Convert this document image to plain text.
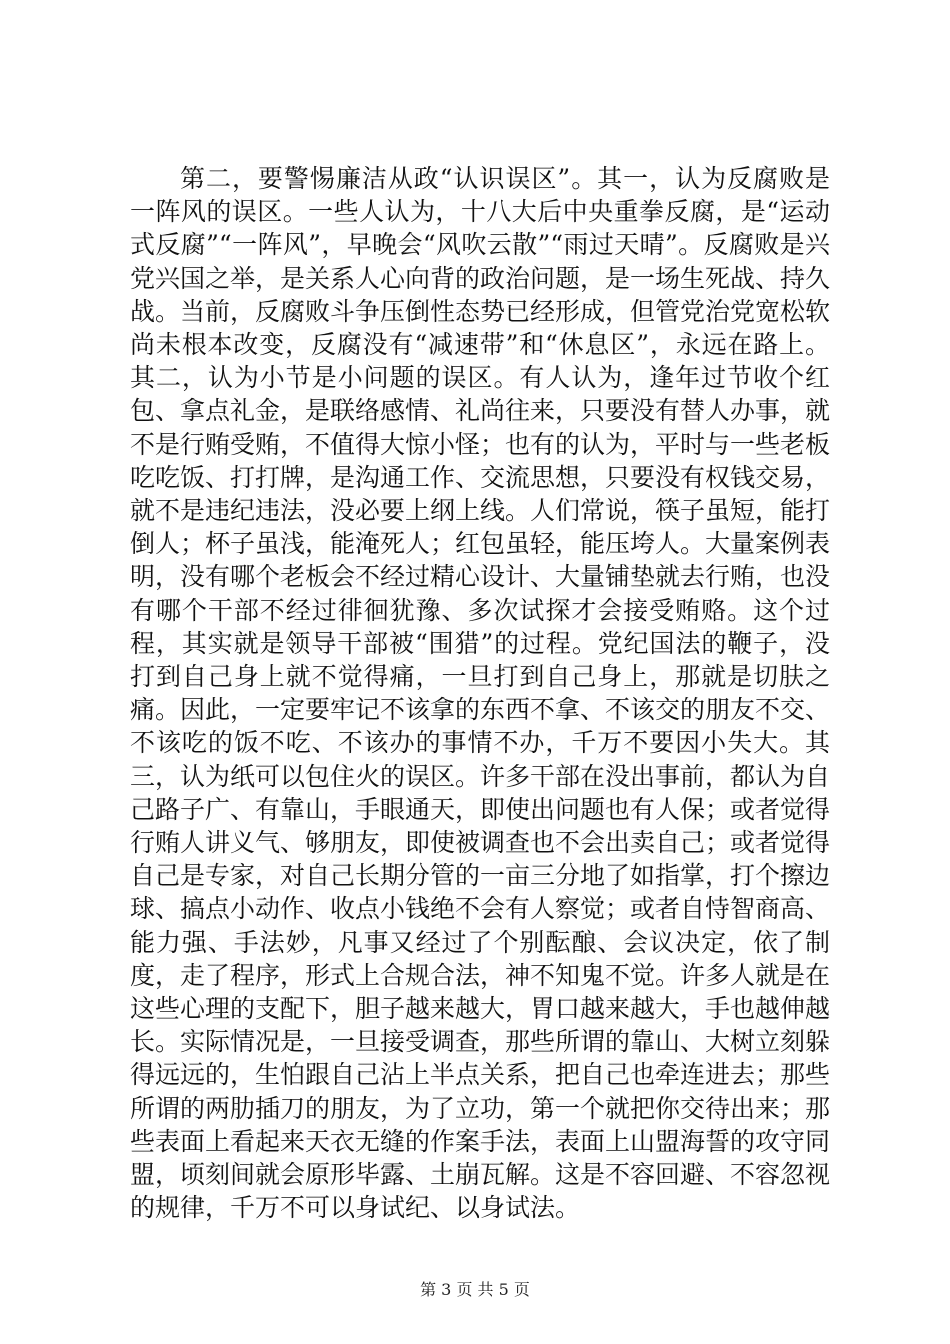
第二，要警惕廉洁从政“认识误区”。其一，认为反腐败是一阵风的误区。一些人认为，十八大后中央重拳反腐，是“运动式反腐”“一阵风”，早晚会“风吹云散”“雨过天晴”。反腐败是兴党兴国之举，是关系人心向背的政治问题，是一场生死战、持久战。当前，反腐败斗争压倒性态势已经形成，但管党治党宽松软尚未根本改变，反腐没有“减速带”和“休息区”，永远在路上。其二，认为小节是小问题的误区。有人认为，逢年过节收个红包、拿点礼金，是联络感情、礼尚往来，只要没有替人办事，就不是行贿受贿，不值得大惊小怪；也有的认为，平时与一些老板吃吃饭、打打牌，是沟通工作、交流思想，只要没有权钱交易，就不是违纪违法，没必要上纲上线。人们常说，筷子虽短，能打倒人；杯子虽浅，能淹死人；红包虽轻，能压垮人。大量案例表明，没有哪个老板会不经过精心设计、大量铺垫就去行贿，也没有哪个干部不经过徘徊犹豫、多次试探才会接受贿赂。这个过程，其实就是领导干部被“围猎”的过程。党纪国法的鞭子，没打到自己身上就不觉得痛，一旦打到自己身上，那就是切肤之痛。因此，一定要牢记不该拿的东西不拿、不该交的朋友不交、不该吃的饭不吃、不该办的事情不办，千万不要因小失大。其三，认为纸可以包住火的误区。许多干部在没出事前，都认为自己路子广、有靠山，手眼通天，即使出问题也有人保；或者觉得行贿人讲义气、够朋友，即使被调查也不会出卖自己；或者觉得自己是专家，对自己长期分管的一亩三分地了如指掌，打个擦边球、搞点小动作、收点小钱绝不会有人察觉；或者自恃智商高、能力强、手法妙，凡事又经过了个别酝酿、会议决定，依了制度，走了程序，形式上合规合法，神不知鬼不觉。许多人就是在这些心理的支配下，胆子越来越大，胃口越来越大，手也越伸越长。实际情况是，一旦接受调查，那些所谓的靠山、大树立刻躲得远远的，生怕跟自己沾上半点关系，把自己也牵连进去；那些所谓的两肋插刀的朋友，为了立功，第一个就把你交待出来；那些表面上看起来天衣无缝的作案手法，表面上山盟海誓的攻守同盟，顷刻间就会原形毕露、土崩瓦解。这是不容回避、不容忽视的规律，千万不可以身试纪、以身试法。

第 3 页 共 5 页
